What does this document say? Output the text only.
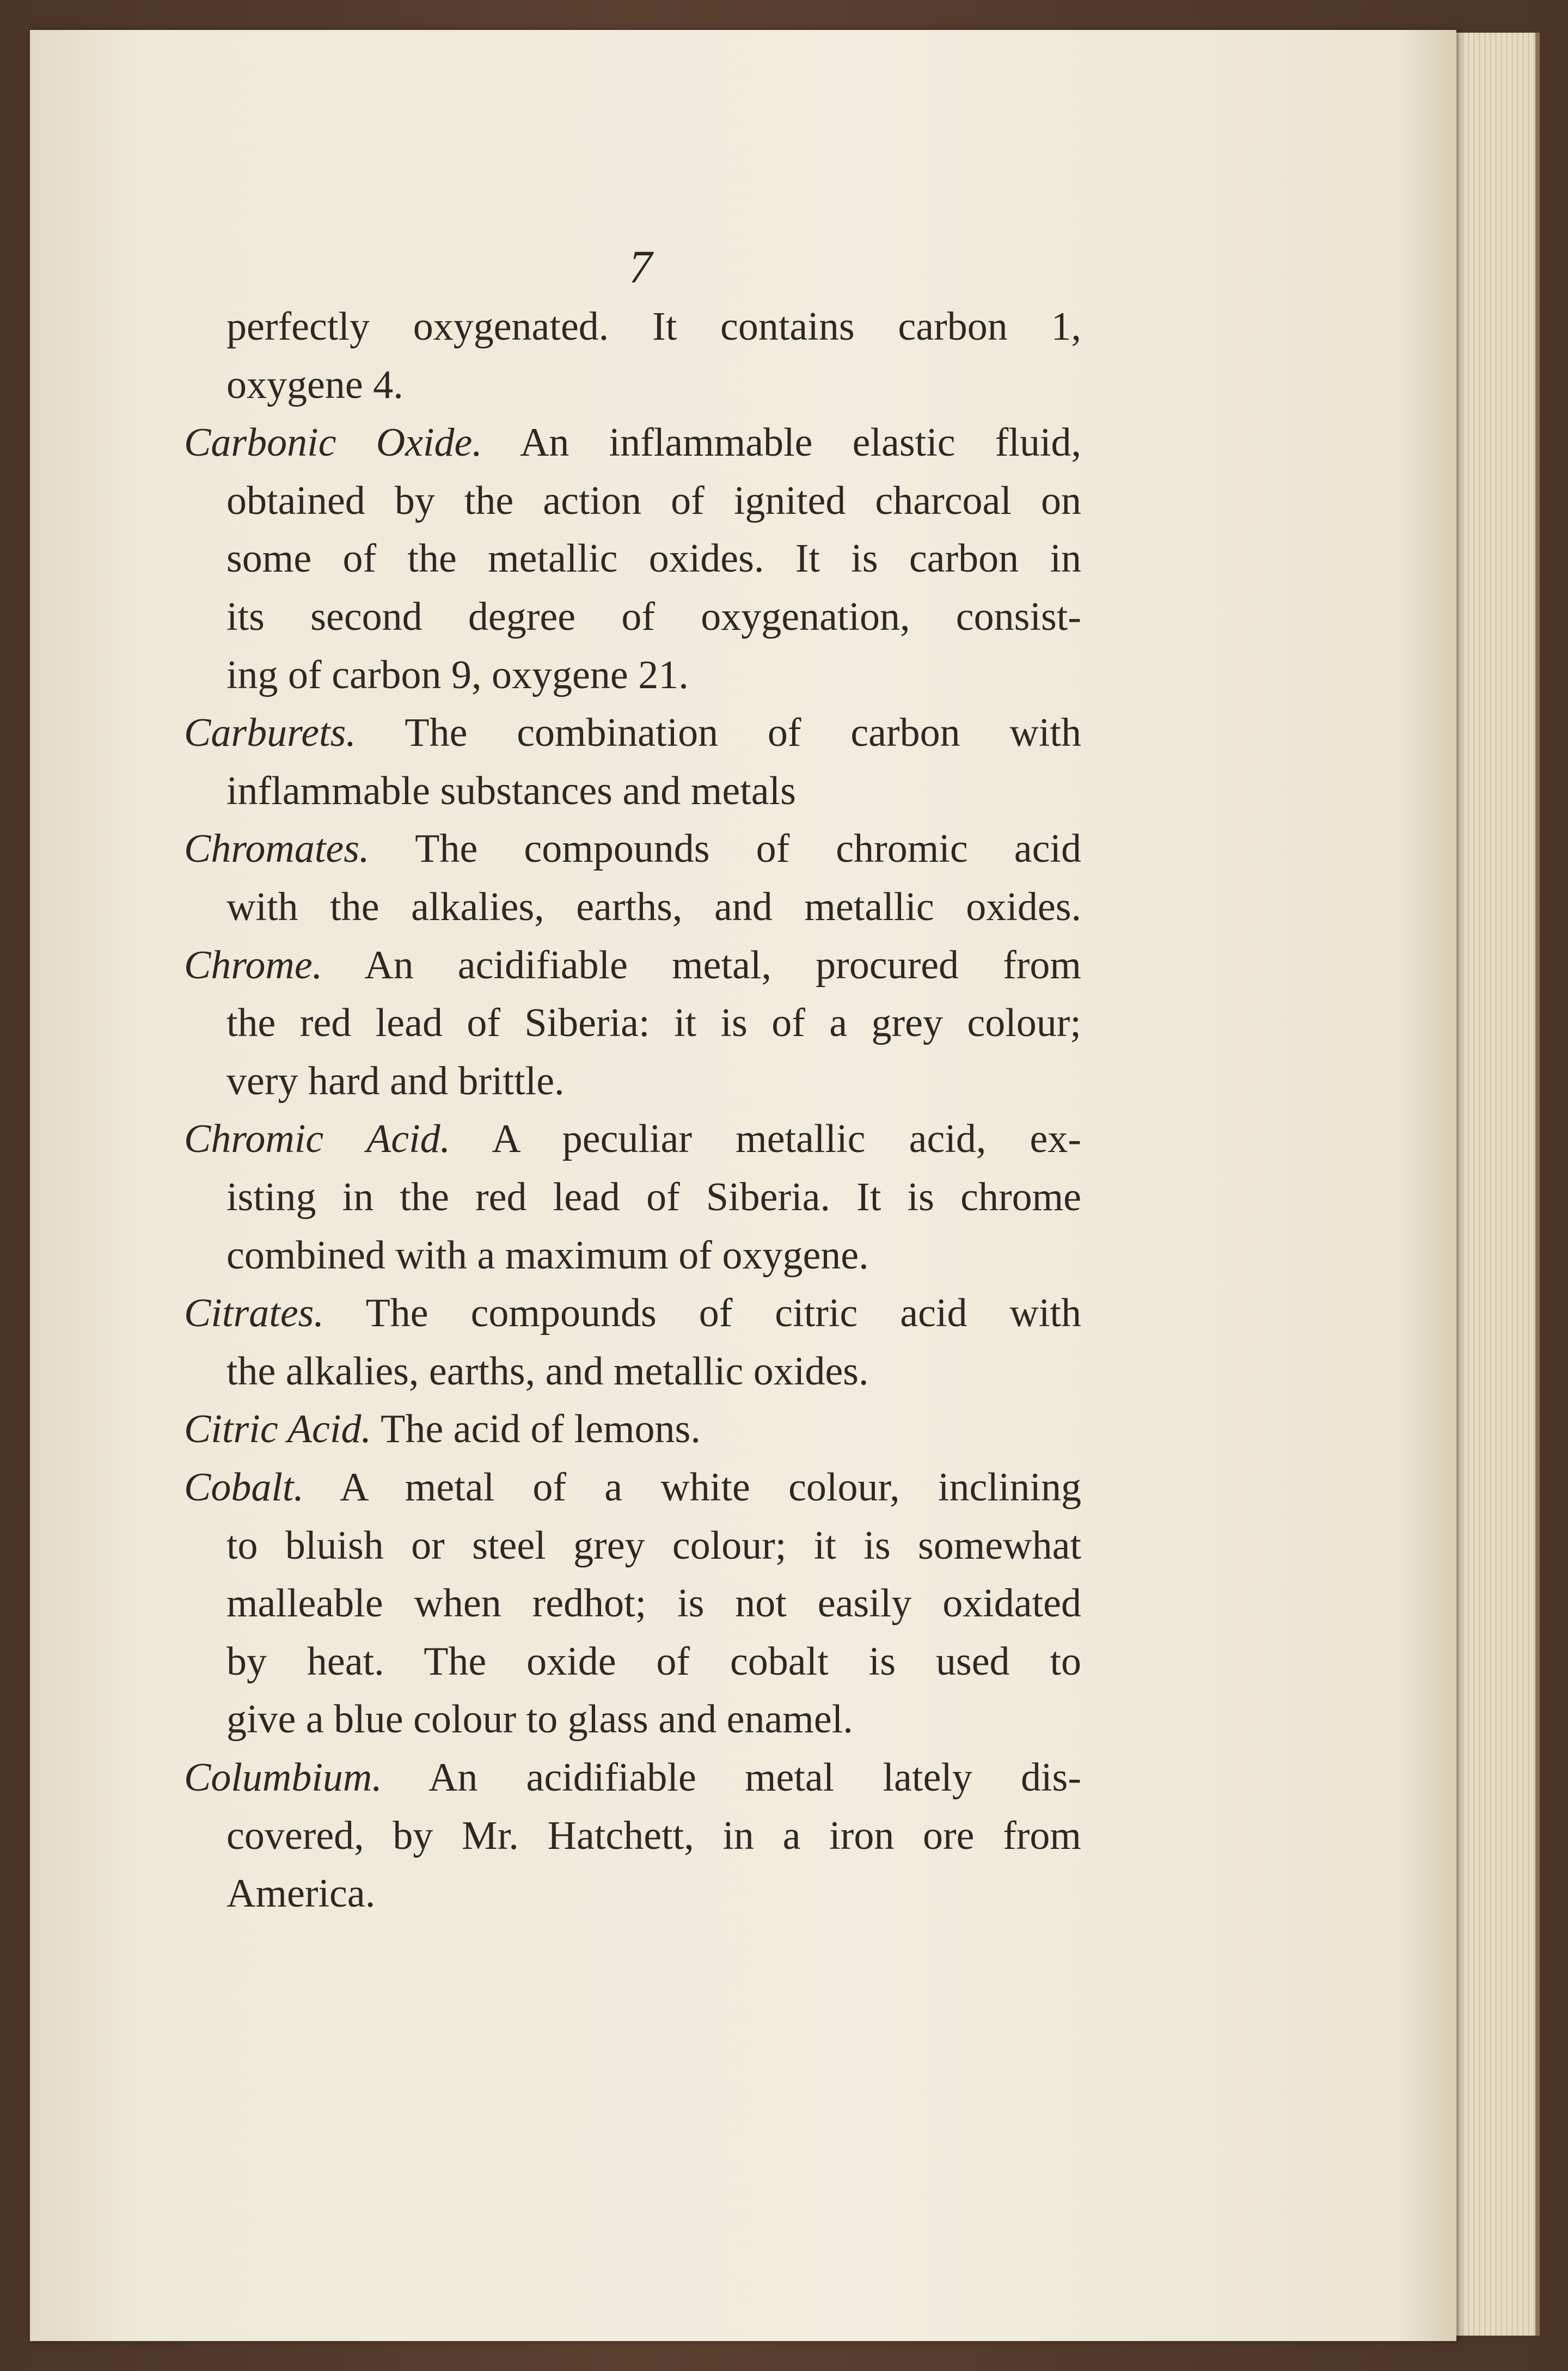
7
perfectly oxygenated. It contains carbon 1,
oxygene 4.
Carbonic Oxide. An inflammable elastic fluid,
obtained by the action of ignited charcoal on
some of the metallic oxides. It is carbon in
its second degree of oxygenation, consist-
ing of carbon 9, oxygene 21.
Carburets. The combination of carbon with
inflammable substances and metals
Chromates. The compounds of chromic acid
with the alkalies, earths, and metallic oxides.
Chrome. An acidifiable metal, procured from
the red lead of Siberia: it is of a grey colour;
very hard and brittle.
Chromic Acid. A peculiar metallic acid, ex-
isting in the red lead of Siberia. It is chrome
combined with a maximum of oxygene.
Citrates. The compounds of citric acid with
the alkalies, earths, and metallic oxides.
Citric Acid. The acid of lemons.
Cobalt. A metal of a white colour, inclining
to bluish or steel grey colour; it is somewhat
malleable when redhot; is not easily oxidated
by heat. The oxide of cobalt is used to
give a blue colour to glass and enamel.
Columbium. An acidifiable metal lately dis-
covered, by Mr. Hatchett, in a iron ore from
America.
